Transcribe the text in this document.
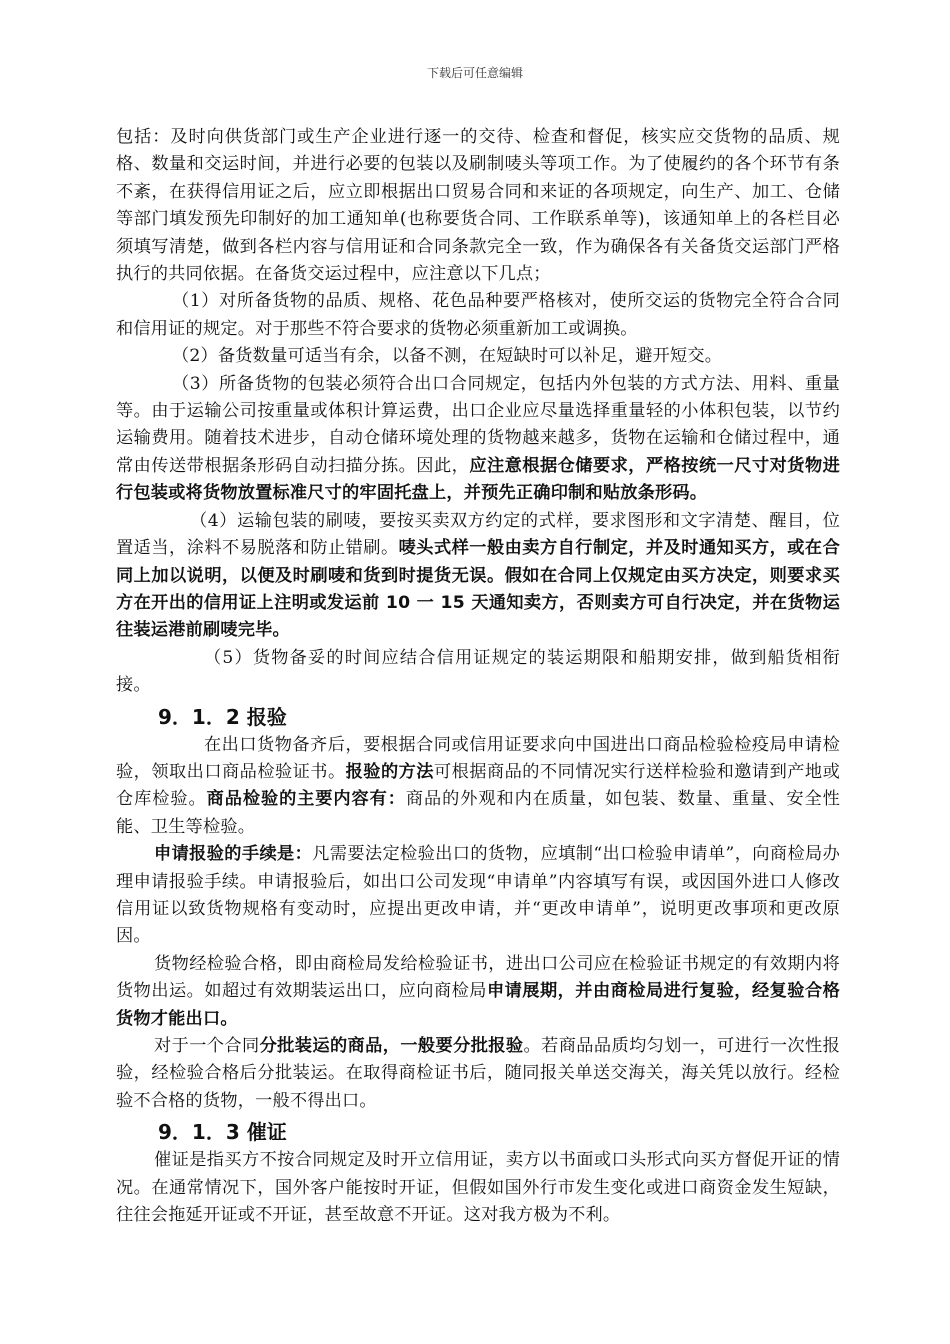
下载后可任意编辑

包括：及时向供货部门或生产企业进行逐一的交待、检查和督促，核实应交货物的品质、规格、数量和交运时间，并进行必要的包装以及刷制唛头等项工作。为了使履约的各个环节有条不紊，在获得信用证之后，应立即根据出口贸易合同和来证的各项规定，向生产、加工、仓储等部门填发预先印制好的加工通知单(也称要货合同、工作联系单等)，该通知单上的各栏目必须填写清楚，做到各栏内容与信用证和合同条款完全一致，作为确保各有关备货交运部门严格执行的共同依据。在备货交运过程中，应注意以下几点；

（1）对所备货物的品质、规格、花色品种要严格核对，使所交运的货物完全符合合同和信用证的规定。对于那些不符合要求的货物必须重新加工或调换。

（2）备货数量可适当有余，以备不测，在短缺时可以补足，避开短交。

（3）所备货物的包装必须符合出口合同规定，包括内外包装的方式方法、用料、重量等。由于运输公司按重量或体积计算运费，出口企业应尽量选择重量轻的小体积包装，以节约运输费用。随着技术进步，自动仓储环境处理的货物越来越多，货物在运输和仓储过程中，通常由传送带根据条形码自动扫描分拣。因此，应注意根据仓储要求，严格按统一尺寸对货物进行包装或将货物放置标准尺寸的牢固托盘上，并预先正确印制和贴放条形码。

（4）运输包装的刷唛，要按买卖双方约定的式样，要求图形和文字清楚、醒目，位置适当，涂料不易脱落和防止错刷。唛头式样一般由卖方自行制定，并及时通知买方，或在合同上加以说明，以便及时刷唛和货到时提货无误。假如在合同上仅规定由买方决定，则要求买方在开出的信用证上注明或发运前 10 一 15 天通知卖方，否则卖方可自行决定，并在货物运往装运港前刷唛完毕。

（5）货物备妥的时间应结合信用证规定的装运期限和船期安排，做到船货相衔接。

9．1．2 报验

在出口货物备齐后，要根据合同或信用证要求向中国进出口商品检验检疫局申请检验，领取出口商品检验证书。报验的方法可根据商品的不同情况实行送样检验和邀请到产地或仓库检验。商品检验的主要内容有：商品的外观和内在质量，如包装、数量、重量、安全性能、卫生等检验。

申请报验的手续是：凡需要法定检验出口的货物，应填制“出口检验申请单”，向商检局办理申请报验手续。申请报验后，如出口公司发现“申请单”内容填写有误，或因国外进口人修改信用证以致货物规格有变动时，应提出更改申请，并“更改申请单”，说明更改事项和更改原因。

货物经检验合格，即由商检局发给检验证书，进出口公司应在检验证书规定的有效期内将货物出运。如超过有效期装运出口，应向商检局申请展期，并由商检局进行复验，经复验合格货物才能出口。

对于一个合同分批装运的商品，一般要分批报验。若商品品质均匀划一，可进行一次性报验，经检验合格后分批装运。在取得商检证书后，随同报关单送交海关，海关凭以放行。经检验不合格的货物，一般不得出口。

9．1．3 催证

催证是指买方不按合同规定及时开立信用证，卖方以书面或口头形式向买方督促开证的情况。在通常情况下，国外客户能按时开证，但假如国外行市发生变化或进口商资金发生短缺，往往会拖延开证或不开证，甚至故意不开证。这对我方极为不利。
